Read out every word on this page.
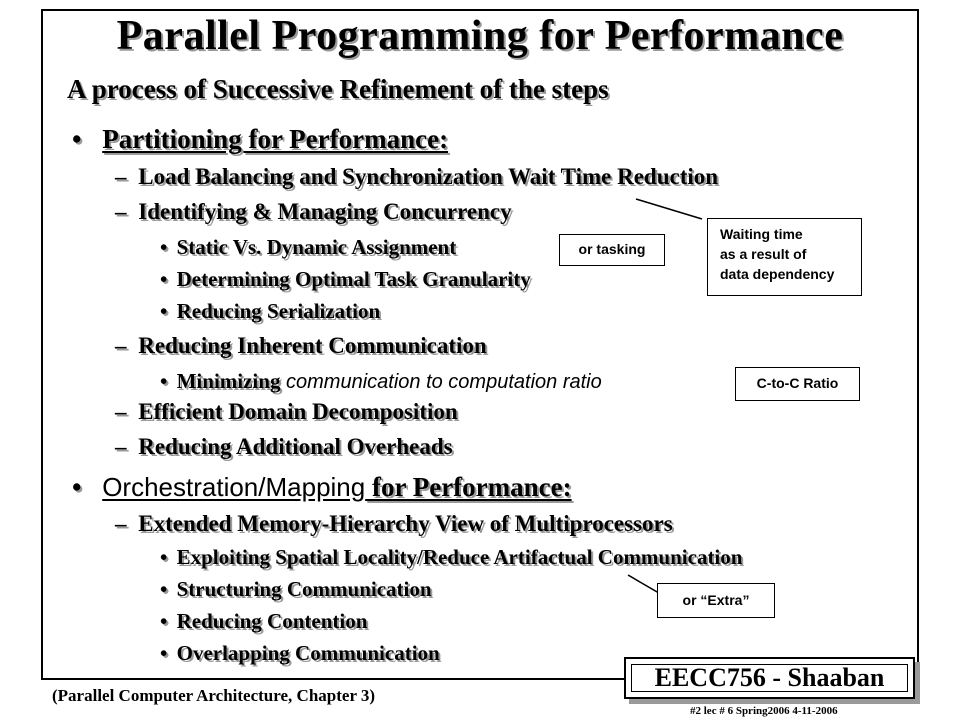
Parallel Programming for Performance
A process of Successive Refinement of the steps
• Partitioning for Performance:
– Load Balancing and Synchronization Wait Time Reduction
– Identifying & Managing Concurrency
• Static Vs. Dynamic Assignment
• Determining Optimal Task Granularity
• Reducing Serialization
– Reducing Inherent Communication
• Minimizing communication to computation ratio
– Efficient Domain Decomposition
– Reducing Additional Overheads
• Orchestration/Mapping for Performance:
– Extended Memory-Hierarchy View of Multiprocessors
• Exploiting Spatial Locality/Reduce Artifactual Communication
• Structuring Communication
• Reducing Contention
• Overlapping Communication
Waiting time
as a result of
data dependency
or tasking
C-to-C Ratio
or “Extra”
(Parallel Computer Architecture, Chapter 3)
EECC756 - Shaaban
#2 lec # 6 Spring2006 4-11-2006
